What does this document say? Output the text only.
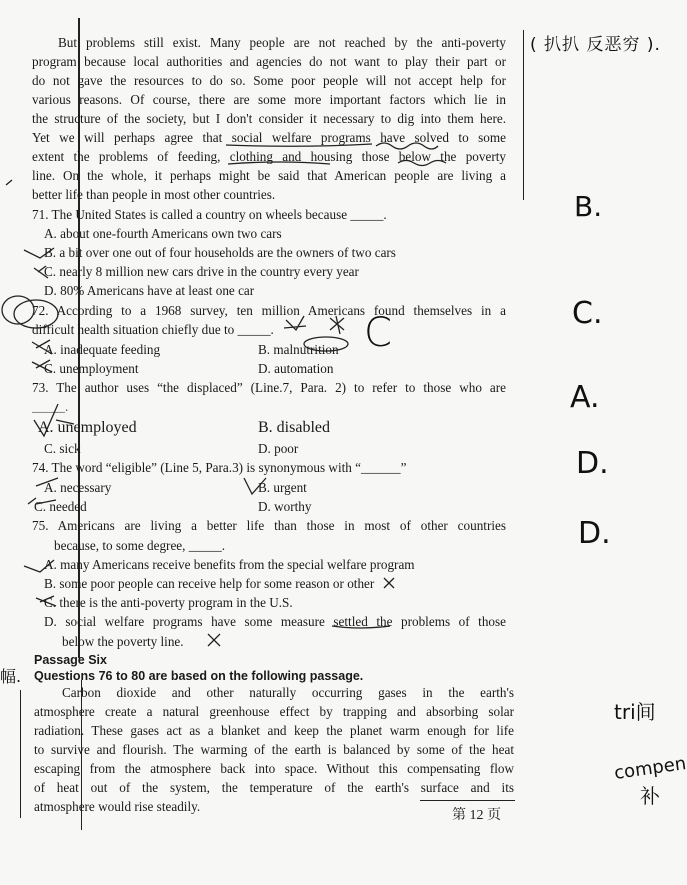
But problems still exist. Many people are not reached by the anti-poverty
program because local authorities and agencies do not want to play their part or
do not gave the resources to do so. Some poor people will not accept help for
various reasons. Of course, there are some more important factors which lie in
the structure of the society, but I don't consider it necessary to dig into them here.
Yet we will perhaps agree that social welfare programs have solved to some
extent the problems of feeding, clothing and housing those below the poverty
line. On the whole, it perhaps might be said that American people are living a
better life than people in most other countries.
71. The United States is called a country on wheels because _____.
A. about one-fourth Americans own two cars
B. a bit over one out of four households are the owners of two cars
C. nearly 8 million new cars drive in the country every year
D. 80% Americans have at least one car
72. According to a 1968 survey, ten million Americans found themselves in a
difficult health situation chiefly due to _____.
A. inadequate feeding	B. malnutrition
C. unemployment	D. automation
73. The author uses “the displaced” (Line.7, Para. 2) to refer to those who are
_____.
A. unemployed	B. disabled
C. sick	D. poor
74. The word “eligible” (Line 5, Para.3) is synonymous with “______”
A. necessary	B. urgent
C. needed	D. worthy
75. Americans are living a better life than those in most of other countries
because, to some degree, _____.
A. many Americans receive benefits from the special welfare program
B. some poor people can receive help for some reason or other
C. there is the anti-poverty program in the U.S.
D. social welfare programs have some measure settled the problems of those
below the poverty line.
Passage Six
Questions 76 to 80 are based on the following passage.
Carbon dioxide and other naturally occurring gases in the earth's
atmosphere create a natural greenhouse effect by trapping and absorbing solar
radiation. These gases act as a blanket and keep the planet warm enough for life
to survive and flourish. The warming of the earth is balanced by some of the heat
escaping from the atmosphere back into space. Without this compensating flow
of heat out of the system, the temperature of the earth's surface and its
atmosphere would rise steadily.
第 12 页
( 扒扒 反恶穷 ).
B.
C.
A.
D.
D.
C
tri间
compen
补
幅.
